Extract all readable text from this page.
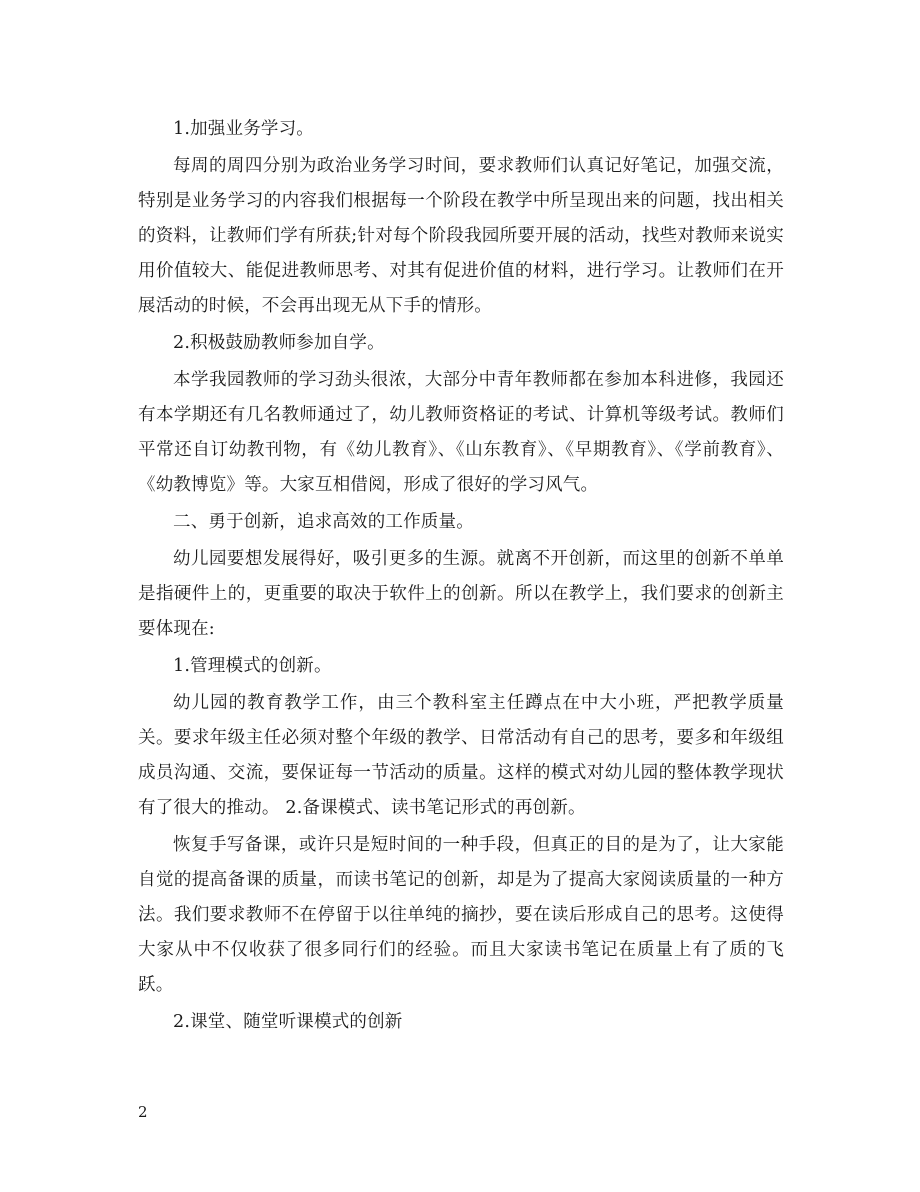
1.加强业务学习。

每周的周四分别为政治业务学习时间，要求教师们认真记好笔记，加强交流，特别是业务学习的内容我们根据每一个阶段在教学中所呈现出来的问题，找出相关的资料，让教师们学有所获;针对每个阶段我园所要开展的活动，找些对教师来说实用价值较大、能促进教师思考、对其有促进价值的材料，进行学习。让教师们在开展活动的时候，不会再出现无从下手的情形。

2.积极鼓励教师参加自学。

本学我园教师的学习劲头很浓，大部分中青年教师都在参加本科进修，我园还有本学期还有几名教师通过了，幼儿教师资格证的考试、计算机等级考试。教师们平常还自订幼教刊物，有《幼儿教育》、《山东教育》、《早期教育》、《学前教育》、《幼教博览》等。大家互相借阅，形成了很好的学习风气。

二、勇于创新，追求高效的工作质量。

幼儿园要想发展得好，吸引更多的生源。就离不开创新，而这里的创新不单单是指硬件上的，更重要的取决于软件上的创新。所以在教学上，我们要求的创新主要体现在:

1.管理模式的创新。

幼儿园的教育教学工作，由三个教科室主任蹲点在中大小班，严把教学质量关。要求年级主任必须对整个年级的教学、日常活动有自己的思考，要多和年级组成员沟通、交流，要保证每一节活动的质量。这样的模式对幼儿园的整体教学现状有了很大的推动。 2.备课模式、读书笔记形式的再创新。

恢复手写备课，或许只是短时间的一种手段，但真正的目的是为了，让大家能自觉的提高备课的质量，而读书笔记的创新，却是为了提高大家阅读质量的一种方法。我们要求教师不在停留于以往单纯的摘抄，要在读后形成自己的思考。这使得大家从中不仅收获了很多同行们的经验。而且大家读书笔记在质量上有了质的飞跃。

2.课堂、随堂听课模式的创新

2
